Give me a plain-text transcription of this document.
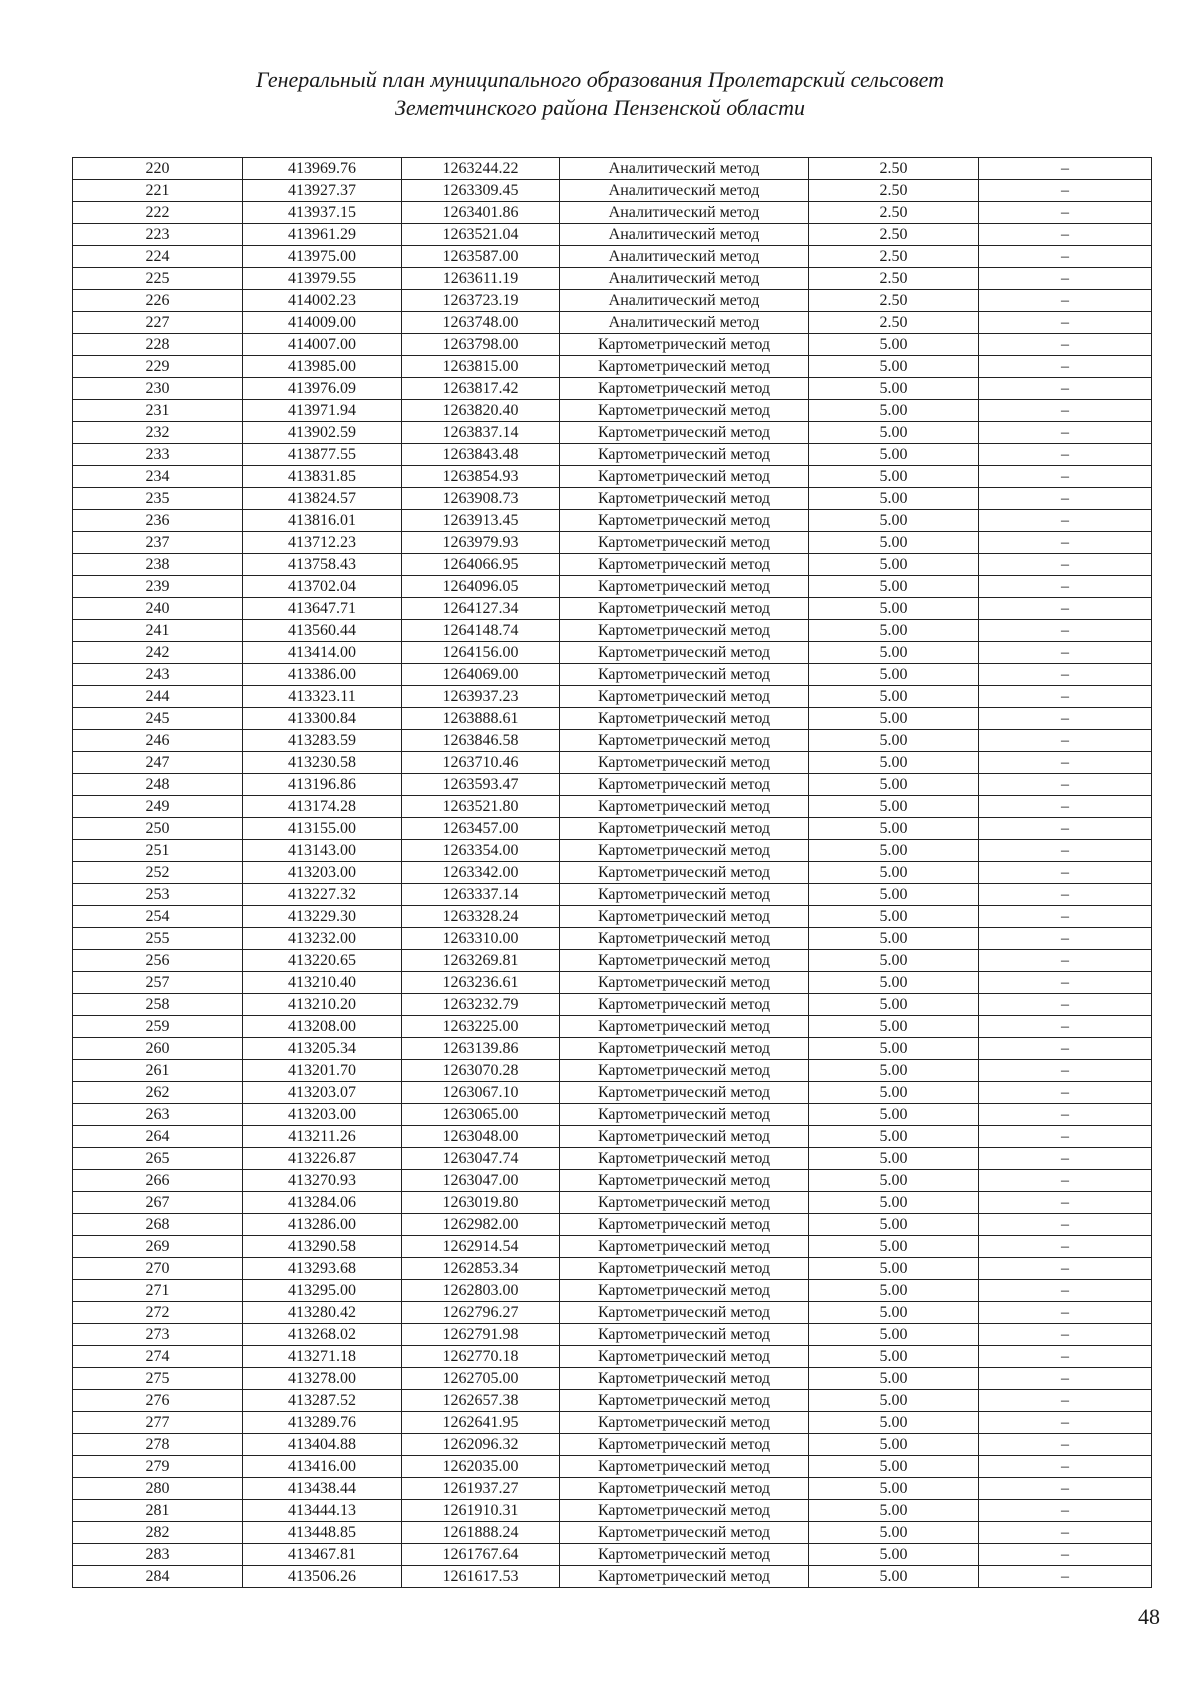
Генеральный план муниципального образования Пролетарский сельсовет
Земетчинского района Пензенской области
220	413969.76	1263244.22	Аналитический метод	2.50	–
221	413927.37	1263309.45	Аналитический метод	2.50	–
222	413937.15	1263401.86	Аналитический метод	2.50	–
223	413961.29	1263521.04	Аналитический метод	2.50	–
224	413975.00	1263587.00	Аналитический метод	2.50	–
225	413979.55	1263611.19	Аналитический метод	2.50	–
226	414002.23	1263723.19	Аналитический метод	2.50	–
227	414009.00	1263748.00	Аналитический метод	2.50	–
228	414007.00	1263798.00	Картометрический метод	5.00	–
229	413985.00	1263815.00	Картометрический метод	5.00	–
230	413976.09	1263817.42	Картометрический метод	5.00	–
231	413971.94	1263820.40	Картометрический метод	5.00	–
232	413902.59	1263837.14	Картометрический метод	5.00	–
233	413877.55	1263843.48	Картометрический метод	5.00	–
234	413831.85	1263854.93	Картометрический метод	5.00	–
235	413824.57	1263908.73	Картометрический метод	5.00	–
236	413816.01	1263913.45	Картометрический метод	5.00	–
237	413712.23	1263979.93	Картометрический метод	5.00	–
238	413758.43	1264066.95	Картометрический метод	5.00	–
239	413702.04	1264096.05	Картометрический метод	5.00	–
240	413647.71	1264127.34	Картометрический метод	5.00	–
241	413560.44	1264148.74	Картометрический метод	5.00	–
242	413414.00	1264156.00	Картометрический метод	5.00	–
243	413386.00	1264069.00	Картометрический метод	5.00	–
244	413323.11	1263937.23	Картометрический метод	5.00	–
245	413300.84	1263888.61	Картометрический метод	5.00	–
246	413283.59	1263846.58	Картометрический метод	5.00	–
247	413230.58	1263710.46	Картометрический метод	5.00	–
248	413196.86	1263593.47	Картометрический метод	5.00	–
249	413174.28	1263521.80	Картометрический метод	5.00	–
250	413155.00	1263457.00	Картометрический метод	5.00	–
251	413143.00	1263354.00	Картометрический метод	5.00	–
252	413203.00	1263342.00	Картометрический метод	5.00	–
253	413227.32	1263337.14	Картометрический метод	5.00	–
254	413229.30	1263328.24	Картометрический метод	5.00	–
255	413232.00	1263310.00	Картометрический метод	5.00	–
256	413220.65	1263269.81	Картометрический метод	5.00	–
257	413210.40	1263236.61	Картометрический метод	5.00	–
258	413210.20	1263232.79	Картометрический метод	5.00	–
259	413208.00	1263225.00	Картометрический метод	5.00	–
260	413205.34	1263139.86	Картометрический метод	5.00	–
261	413201.70	1263070.28	Картометрический метод	5.00	–
262	413203.07	1263067.10	Картометрический метод	5.00	–
263	413203.00	1263065.00	Картометрический метод	5.00	–
264	413211.26	1263048.00	Картометрический метод	5.00	–
265	413226.87	1263047.74	Картометрический метод	5.00	–
266	413270.93	1263047.00	Картометрический метод	5.00	–
267	413284.06	1263019.80	Картометрический метод	5.00	–
268	413286.00	1262982.00	Картометрический метод	5.00	–
269	413290.58	1262914.54	Картометрический метод	5.00	–
270	413293.68	1262853.34	Картометрический метод	5.00	–
271	413295.00	1262803.00	Картометрический метод	5.00	–
272	413280.42	1262796.27	Картометрический метод	5.00	–
273	413268.02	1262791.98	Картометрический метод	5.00	–
274	413271.18	1262770.18	Картометрический метод	5.00	–
275	413278.00	1262705.00	Картометрический метод	5.00	–
276	413287.52	1262657.38	Картометрический метод	5.00	–
277	413289.76	1262641.95	Картометрический метод	5.00	–
278	413404.88	1262096.32	Картометрический метод	5.00	–
279	413416.00	1262035.00	Картометрический метод	5.00	–
280	413438.44	1261937.27	Картометрический метод	5.00	–
281	413444.13	1261910.31	Картометрический метод	5.00	–
282	413448.85	1261888.24	Картометрический метод	5.00	–
283	413467.81	1261767.64	Картометрический метод	5.00	–
284	413506.26	1261617.53	Картометрический метод	5.00	–
48
